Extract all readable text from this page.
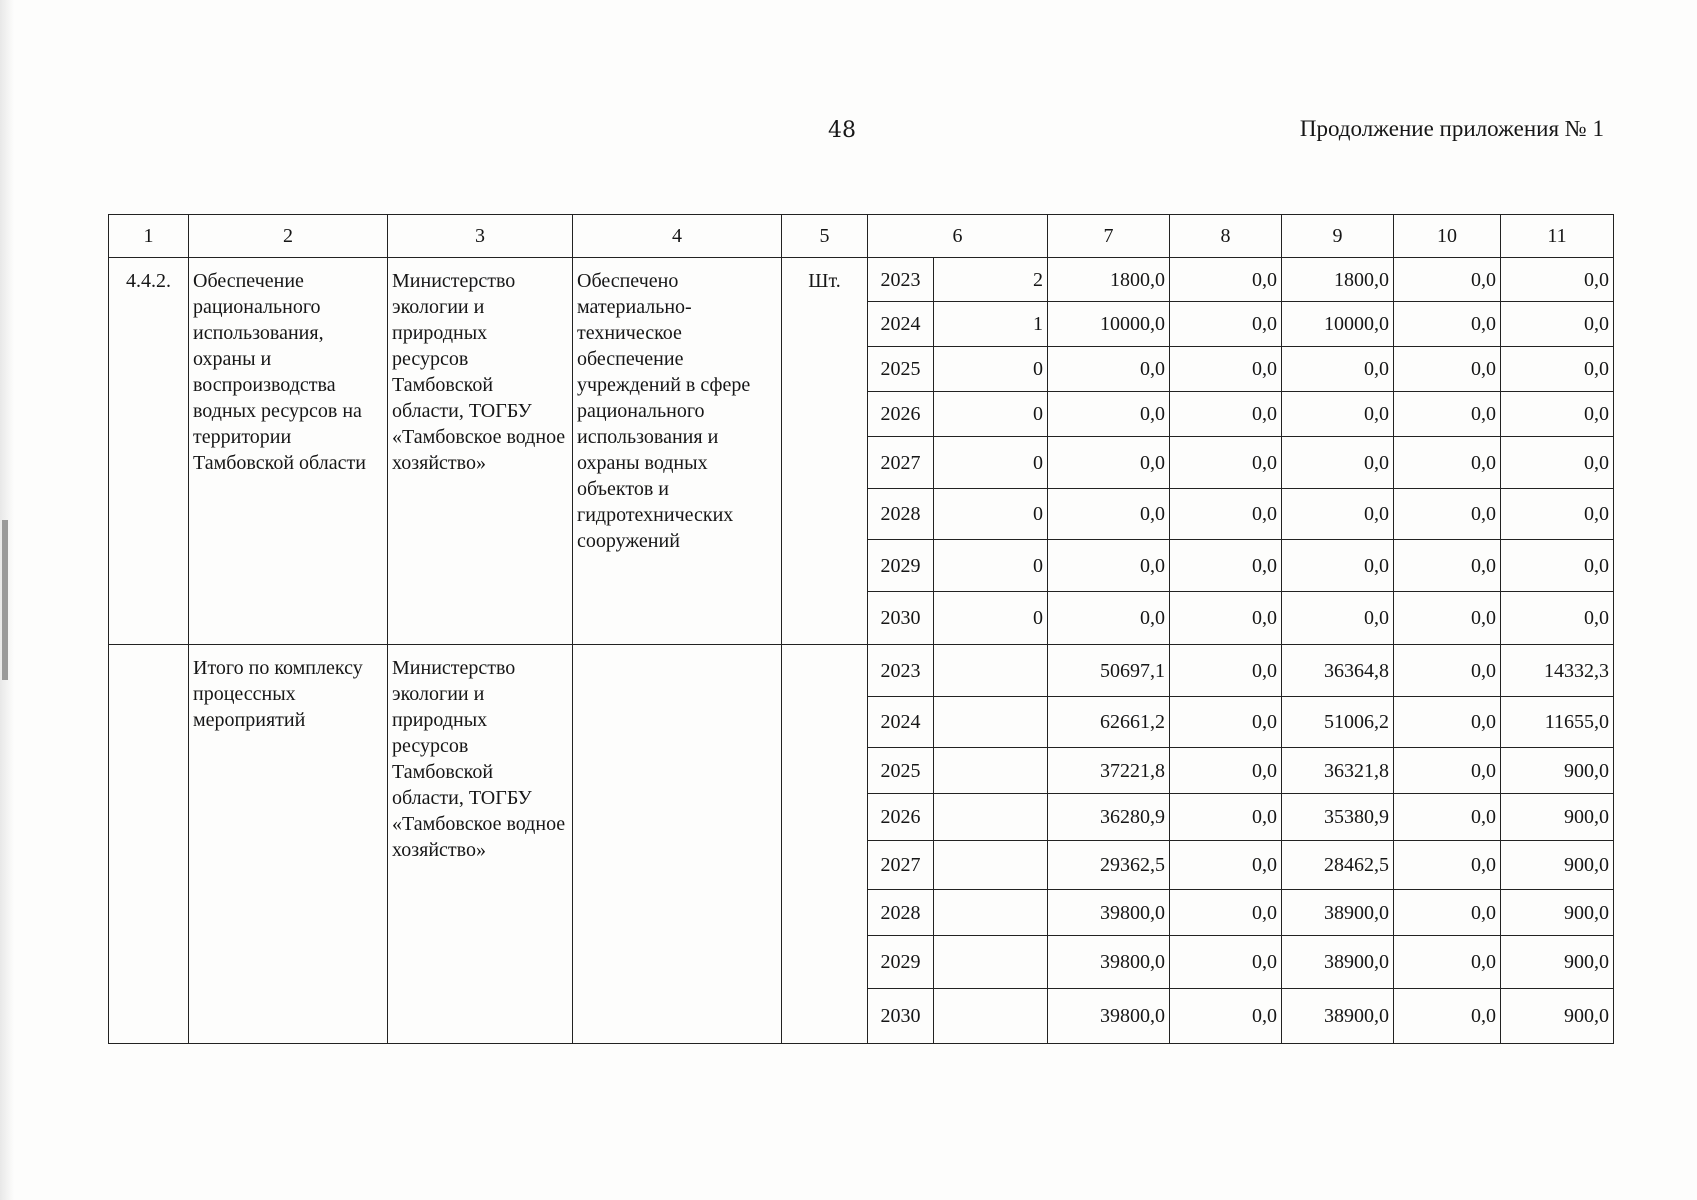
48	Продолжение приложения № 1
1	2	3	4	5	6		7	8	9	10	11
4.4.2.	Обеспечение рационального использования, охраны и воспроизводства водных ресурсов на территории Тамбовской области	Министерство экологии и природных ресурсов Тамбовской области, ТОГБУ «Тамбовское водное хозяйство»	Обеспечено материально-техническое обеспечение учреждений в сфере рационального использования и охраны водных объектов и гидротехнических сооружений	Шт.	2023	2	1800,0	0,0	1800,0	0,0	0,0
					2024	1	10000,0	0,0	10000,0	0,0	0,0
					2025	0	0,0	0,0	0,0	0,0	0,0
					2026	0	0,0	0,0	0,0	0,0	0,0
					2027	0	0,0	0,0	0,0	0,0	0,0
					2028	0	0,0	0,0	0,0	0,0	0,0
					2029	0	0,0	0,0	0,0	0,0	0,0
					2030	0	0,0	0,0	0,0	0,0	0,0
	Итого по комплексу процессных мероприятий	Министерство экологии и природных ресурсов Тамбовской области, ТОГБУ «Тамбовское водное хозяйство»			2023		50697,1	0,0	36364,8	0,0	14332,3
					2024		62661,2	0,0	51006,2	0,0	11655,0
					2025		37221,8	0,0	36321,8	0,0	900,0
					2026		36280,9	0,0	35380,9	0,0	900,0
					2027		29362,5	0,0	28462,5	0,0	900,0
					2028		39800,0	0,0	38900,0	0,0	900,0
					2029		39800,0	0,0	38900,0	0,0	900,0
					2030		39800,0	0,0	38900,0	0,0	900,0
